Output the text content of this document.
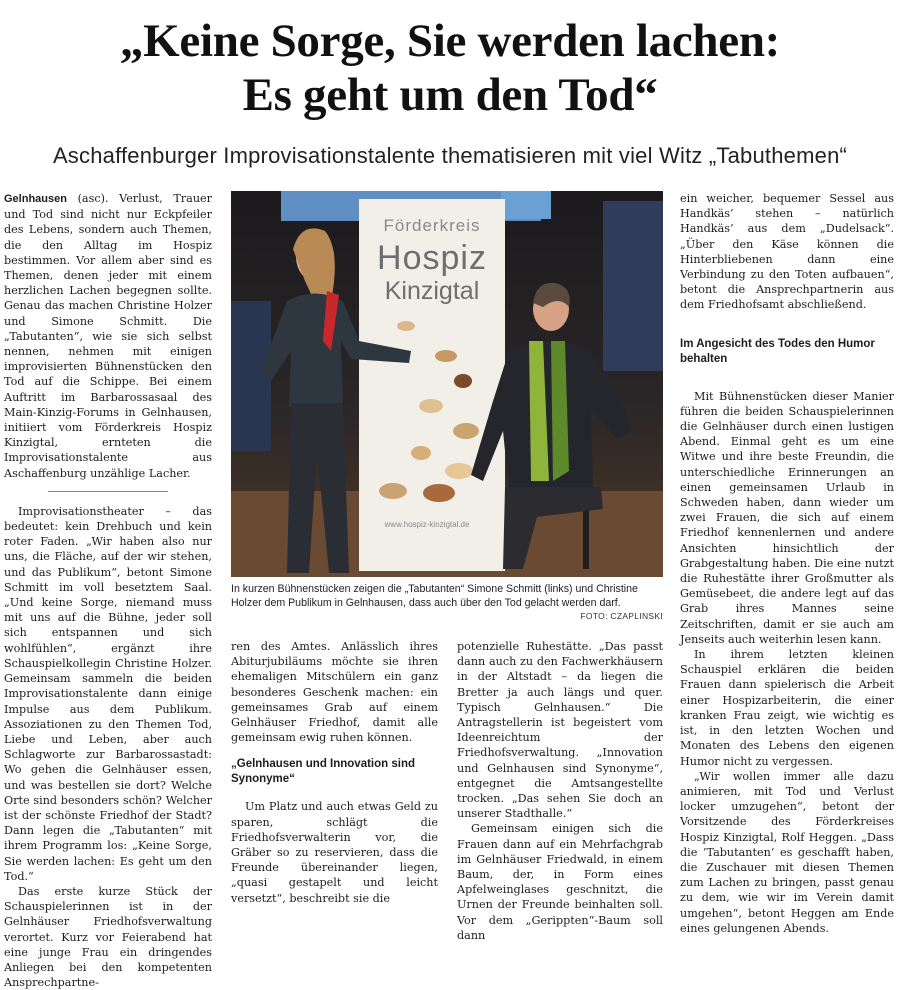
„Keine Sorge, Sie werden lachen:
Es geht um den Tod“
Aschaffenburger Improvisationstalente thematisieren mit viel Witz „Tabuthemen“

Gelnhausen (asc). Verlust, Trauer und Tod sind nicht nur Eckpfeiler des Lebens, sondern auch Themen, die den Alltag im Hospiz bestimmen. Vor allem aber sind es Themen, denen jeder mit einem herzlichen Lachen begegnen sollte. Genau das machen Christine Holzer und Simone Schmitt. Die „Tabutanten“, wie sie sich selbst nennen, nehmen mit einigen improvisierten Bühnenstücken den Tod auf die Schippe. Bei einem Auftritt im Barbarossasaal des Main-Kinzig-Forums in Gelnhausen, initiiert vom Förderkreis Hospiz Kinzigtal, ernteten die Improvisationstalente aus Aschaffenburg unzählige Lacher.

Improvisationstheater – das bedeutet: kein Drehbuch und kein roter Faden. „Wir haben also nur uns, die Fläche, auf der wir stehen, und das Publikum“, betont Simone Schmitt im voll besetztem Saal. „Und keine Sorge, niemand muss mit uns auf die Bühne, jeder soll sich entspannen und sich wohlfühlen“, ergänzt ihre Schauspielkollegin Christine Holzer. Gemeinsam sammeln die beiden Improvisationstalente dann einige Impulse aus dem Publikum. Assoziationen zu den Themen Tod, Liebe und Leben, aber auch Schlagworte zur Barbarossastadt: Wo gehen die Gelnhäuser essen, und was bestellen sie dort? Welche Orte sind besonders schön? Welcher ist der schönste Friedhof der Stadt? Dann legen die „Tabutanten“ mit ihrem Programm los: „Keine Sorge, Sie werden lachen: Es geht um den Tod.“

Das erste kurze Stück der Schauspielerinnen ist in der Gelnhäuser Friedhofsverwaltung verortet. Kurz vor Feierabend hat eine junge Frau ein dringendes Anliegen bei den kompetenten Ansprechpartne-

Förderkreis
Hospiz
Kinzigtal
www.hospiz-kinzigtal.de
In kurzen Bühnenstücken zeigen die „Tabutanten“ Simone Schmitt (links) und Christine Holzer dem Publikum in Gelnhausen, dass auch über den Tod gelacht werden darf.
FOTO: CZAPLINSKI

ren des Amtes. Anlässlich ihres Abiturjubiläums möchte sie ihren ehemaligen Mitschülern ein ganz besonderes Geschenk machen: ein gemeinsames Grab auf einem Gelnhäuser Friedhof, damit alle gemeinsam ewig ruhen können.

„Gelnhausen und Innovation sind Synonyme“

Um Platz und auch etwas Geld zu sparen, schlägt die Friedhofsverwalterin vor, die Gräber so zu reservieren, dass die Freunde übereinander liegen, „quasi gestapelt und leicht versetzt“, beschreibt sie die

potenzielle Ruhestätte. „Das passt dann auch zu den Fachwerkhäusern in der Altstadt – da liegen die Bretter ja auch längs und quer. Typisch Gelnhausen.“ Die Antragstellerin ist begeistert vom Ideenreichtum der Friedhofsverwaltung. „Innovation und Gelnhausen sind Synonyme“, entgegnet die Amtsangestellte trocken. „Das sehen Sie doch an unserer Stadthalle.“

Gemeinsam einigen sich die Frauen dann auf ein Mehrfachgrab im Gelnhäuser Friedwald, in einem Baum, der, in Form eines Apfelweinglases geschnitzt, die Urnen der Freunde beinhalten soll. Vor dem „Gerippten“-Baum soll dann

ein weicher, bequemer Sessel aus Handkäs’ stehen – natürlich Handkäs’ aus dem „Dudelsack“. „Über den Käse können die Hinterbliebenen dann eine Verbindung zu den Toten aufbauen“, betont die Ansprechpartnerin aus dem Friedhofsamt abschließend.

Im Angesicht des Todes den Humor behalten

Mit Bühnenstücken dieser Manier führen die beiden Schauspielerinnen die Gelnhäuser durch einen lustigen Abend. Einmal geht es um eine Witwe und ihre beste Freundin, die unterschiedliche Erinnerungen an einen gemeinsamen Urlaub in Schweden haben, dann wieder um zwei Frauen, die sich auf einem Friedhof kennenlernen und andere Ansichten hinsichtlich der Grabgestaltung haben. Die eine nutzt die Ruhestätte ihrer Großmutter als Gemüsebeet, die andere legt auf das Grab ihres Mannes seine Zeitschriften, damit er sie auch am Jenseits auch weiterhin lesen kann.

In ihrem letzten kleinen Schauspiel erklären die beiden Frauen dann spielerisch die Arbeit einer Hospizarbeiterin, die einer kranken Frau zeigt, wie wichtig es ist, in den letzten Wochen und Monaten des Lebens den eigenen Humor nicht zu vergessen.

„Wir wollen immer alle dazu animieren, mit Tod und Verlust locker umzugehen“, betont der Vorsitzende des Förderkreises Hospiz Kinzigtal, Rolf Heggen. „Dass die ’Tabutanten‘ es geschafft haben, die Zuschauer mit diesen Themen zum Lachen zu bringen, passt genau zu dem, wie wir im Verein damit umgehen“, betont Heggen am Ende eines gelungenen Abends.
